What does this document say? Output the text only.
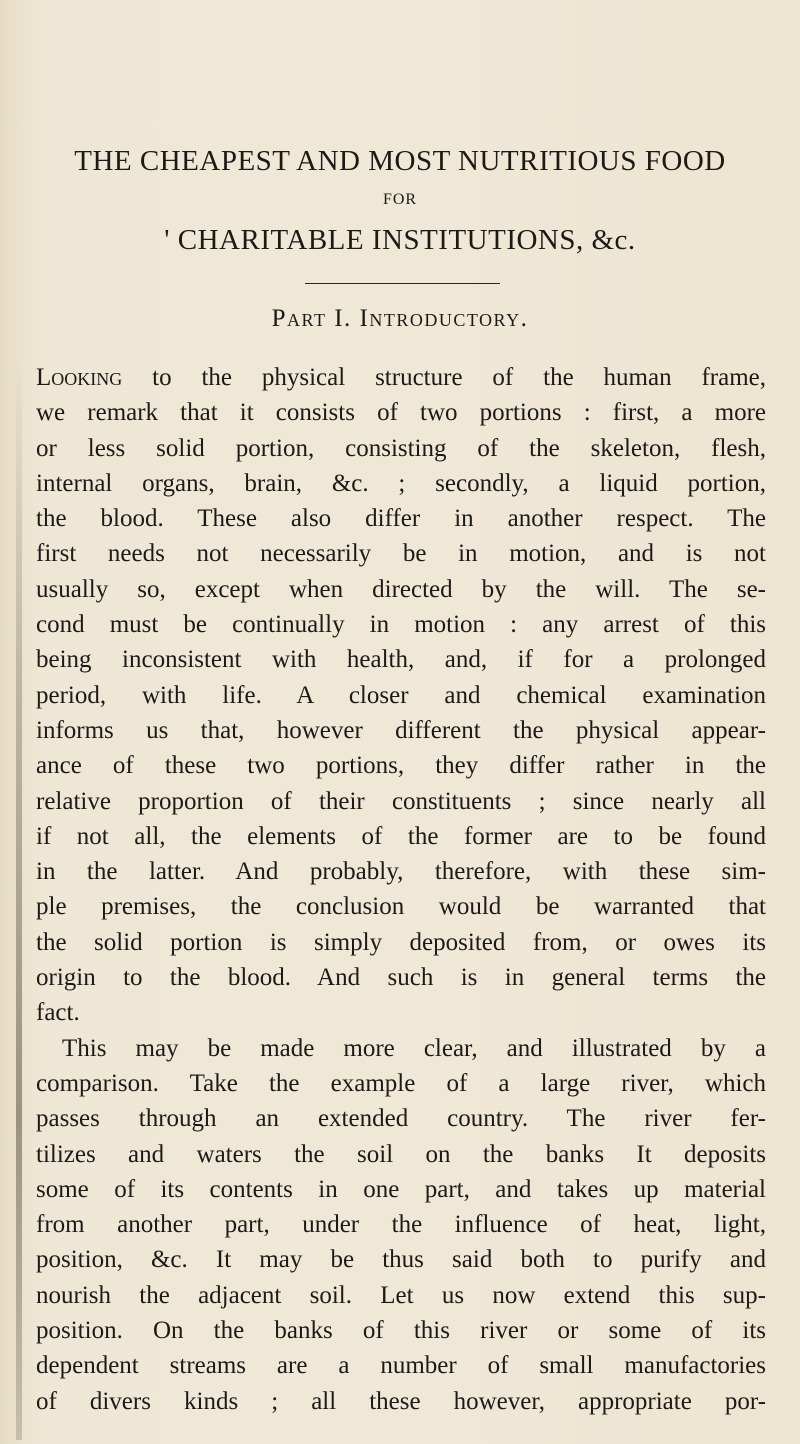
THE CHEAPEST AND MOST NUTRITIOUS FOOD
FOR
' CHARITABLE INSTITUTIONS, &c.
Part I. Introductory.
Looking to the physical structure of the human frame,
we remark that it consists of two portions : first, a more
or less solid portion, consisting of the skeleton, flesh,
internal organs, brain, &c. ; secondly, a liquid portion,
the blood. These also differ in another respect. The
first needs not necessarily be in motion, and is not
usually so, except when directed by the will. The se-
cond must be continually in motion : any arrest of this
being inconsistent with health, and, if for a prolonged
period, with life. A closer and chemical examination
informs us that, however different the physical appear-
ance of these two portions, they differ rather in the
relative proportion of their constituents ; since nearly all
if not all, the elements of the former are to be found
in the latter. And probably, therefore, with these sim-
ple premises, the conclusion would be warranted that
the solid portion is simply deposited from, or owes its
origin to the blood. And such is in general terms the
fact.
This may be made more clear, and illustrated by a
comparison. Take the example of a large river, which
passes through an extended country. The river fer-
tilizes and waters the soil on the banks It deposits
some of its contents in one part, and takes up material
from another part, under the influence of heat, light,
position, &c. It may be thus said both to purify and
nourish the adjacent soil. Let us now extend this sup-
position. On the banks of this river or some of its
dependent streams are a number of small manufactories
of divers kinds ; all these however, appropriate por-
